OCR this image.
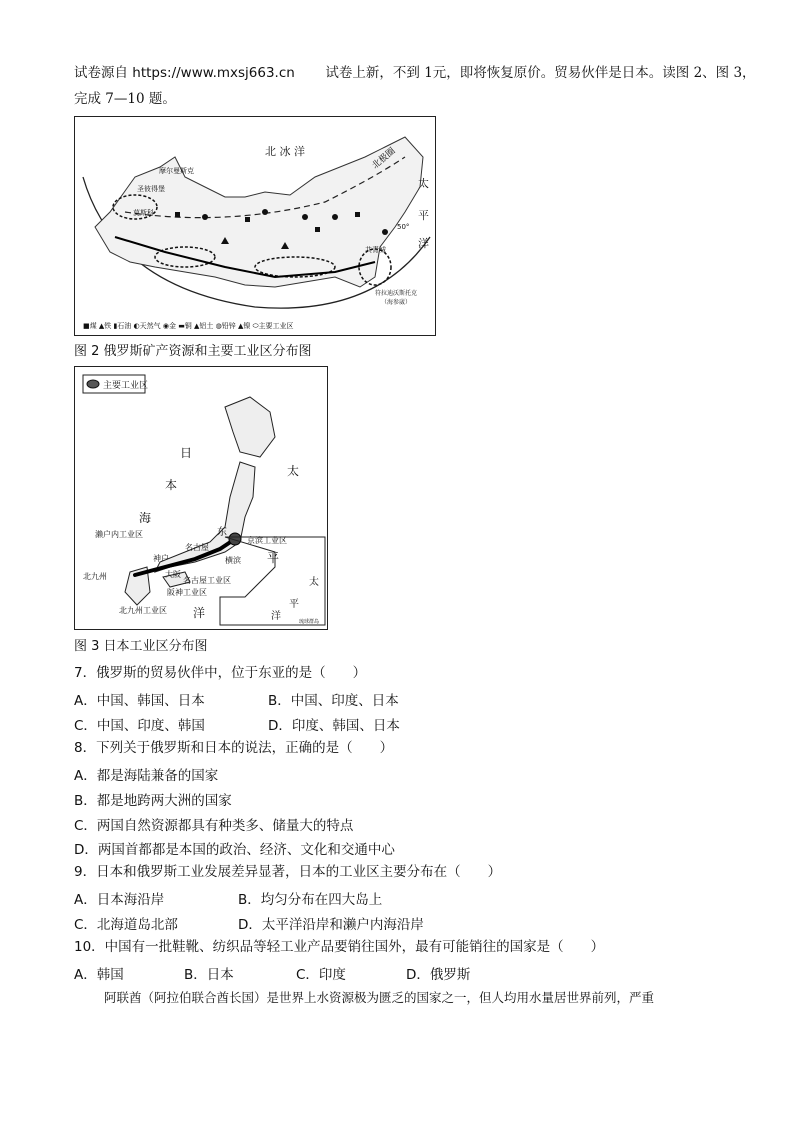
试卷源自 https://www.mxsj663.cn 试卷上新，不到 1元，即将恢复原价。贸易伙伴是日本。读图 2、图 3，
完成 7—10 题。
北 冰 洋	北极圈
太
平
洋
摩尔曼斯克
圣彼得堡
莫斯科
共青城
符拉迪沃斯托克
（海参崴）
50°
■煤 ▲铁 ▮石油 ◐天然气 ◉金 ▬铜 ▲铝土 ◍铅锌 ▲镍 ⬭主要工业区
图 2 俄罗斯矿产资源和主要工业区分布图
主要工业区
日
本
海
太
平
洋
太
平
洋
东
京滨工业区
濑户内工业区
名古屋
神户
大阪
横滨
名古屋工业区
阪神工业区
北九州
北九州工业区
琉球群岛
图 3 日本工业区分布图
7．俄罗斯的贸易伙伴中，位于东亚的是（　　）
A．中国、韩国、日本	B．中国、印度、日本
C．中国、印度、韩国	D．印度、韩国、日本
8．下列关于俄罗斯和日本的说法，正确的是（　　）
A．都是海陆兼备的国家
B．都是地跨两大洲的国家
C．两国自然资源都具有种类多、储量大的特点
D．两国首都都是本国的政治、经济、文化和交通中心
9．日本和俄罗斯工业发展差异显著，日本的工业区主要分布在（　　）
A．日本海沿岸	B．均匀分布在四大岛上
C．北海道岛北部	D．太平洋沿岸和濑户内海沿岸
10．中国有一批鞋靴、纺织品等轻工业产品要销往国外，最有可能销往的国家是（　　）
A．韩国	B．日本	C．印度	D．俄罗斯
阿联酋（阿拉伯联合酋长国）是世界上水资源极为匮乏的国家之一，但人均用水量居世界前列，严重
